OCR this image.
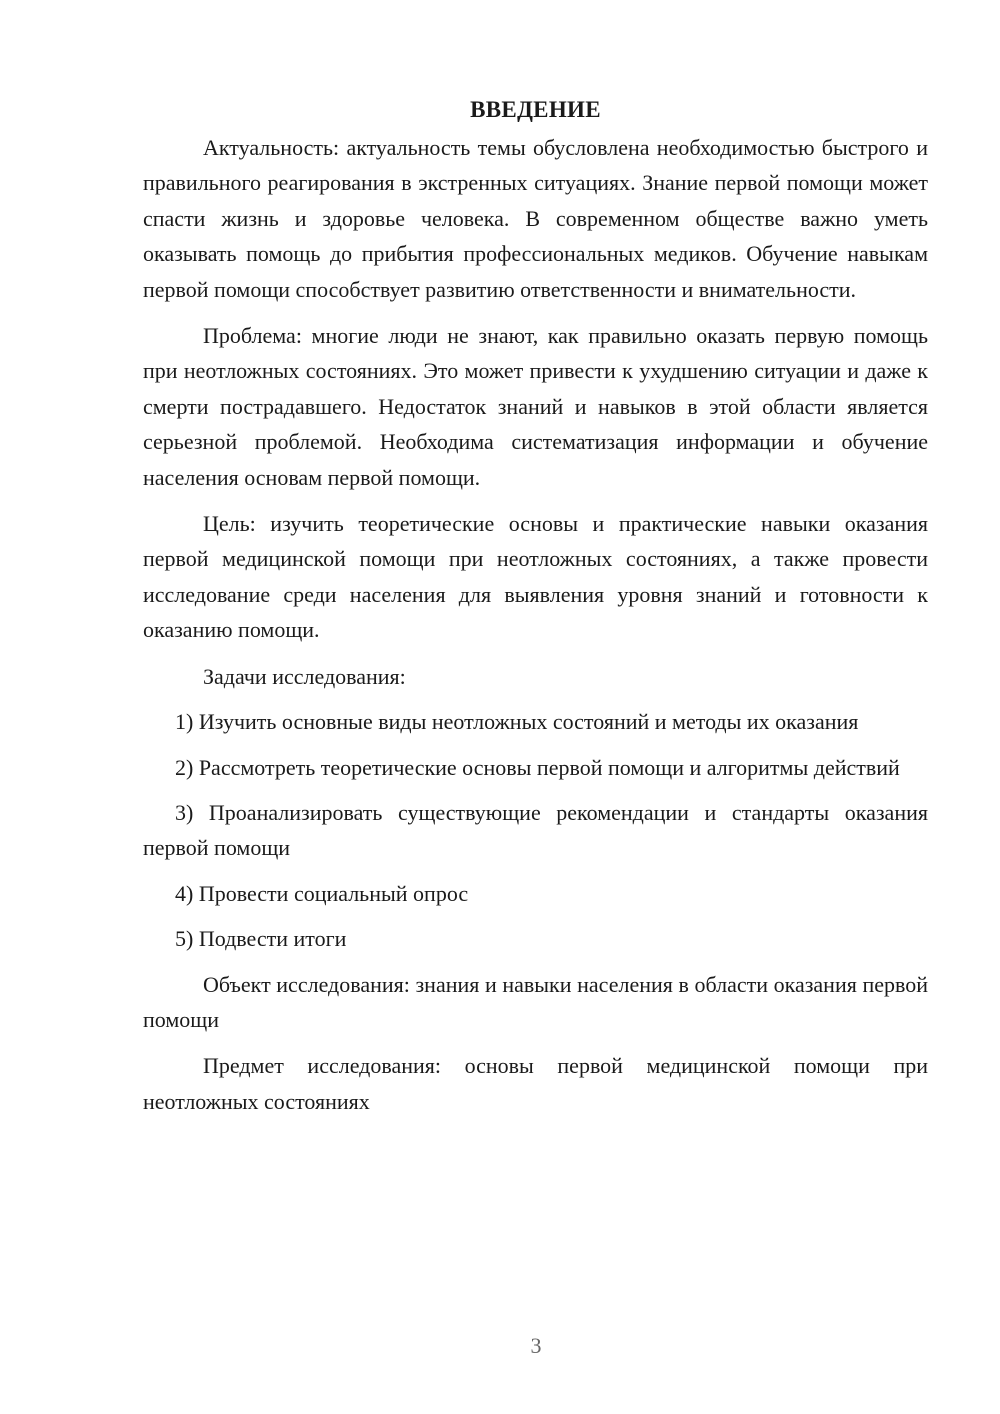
ВВЕДЕНИЕ

Актуальность: актуальность темы обусловлена необходимостью быстрого и правильного реагирования в экстренных ситуациях. Знание первой помощи может спасти жизнь и здоровье человека. В современном обществе важно уметь оказывать помощь до прибытия профессиональных медиков. Обучение навыкам первой помощи способствует развитию ответственности и внимательности.

Проблема: многие люди не знают, как правильно оказать первую помощь при неотложных состояниях. Это может привести к ухудшению ситуации и даже к смерти пострадавшего. Недостаток знаний и навыков в этой области является серьезной проблемой. Необходима систематизация информации и обучение населения основам первой помощи.

Цель: изучить теоретические основы и практические навыки оказания первой медицинской помощи при неотложных состояниях, а также провести исследование среди населения для выявления уровня знаний и готовности к оказанию помощи.

Задачи исследования:

1) Изучить основные виды неотложных состояний и методы их оказания

2) Рассмотреть теоретические основы первой помощи и алгоритмы действий

3) Проанализировать существующие рекомендации и стандарты оказания первой помощи

4) Провести социальный опрос

5) Подвести итоги

Объект исследования: знания и навыки населения в области оказания первой помощи

Предмет исследования: основы первой медицинской помощи при неотложных состояниях

3
